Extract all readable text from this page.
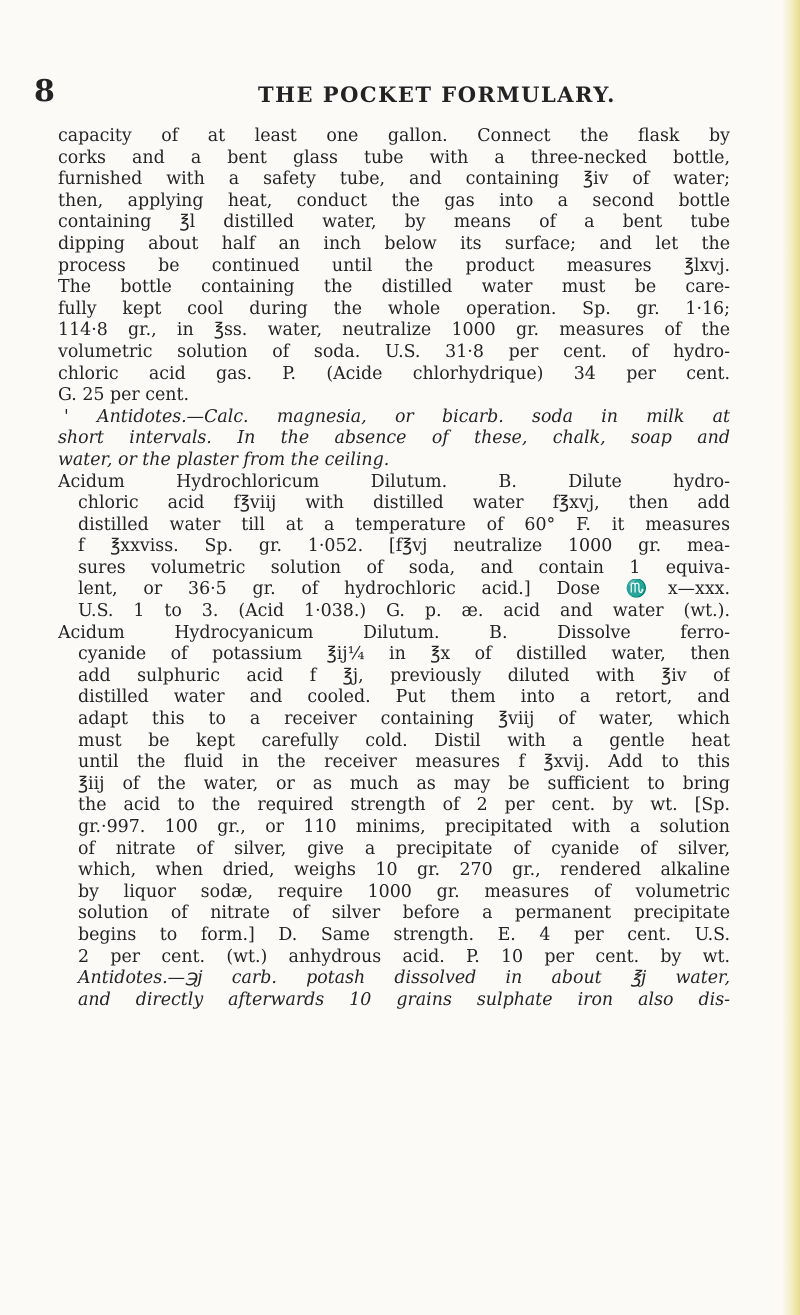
8	THE POCKET FORMULARY.
capacity of at least one gallon. Connect the flask by
corks and a bent glass tube with a three-necked bottle,
furnished with a safety tube, and containing ℥iv of water;
then, applying heat, conduct the gas into a second bottle
containing ℥l distilled water, by means of a bent tube
dipping about half an inch below its surface; and let the
process be continued until the product measures ℥lxvj.
The bottle containing the distilled water must be care-
fully kept cool during the whole operation. Sp. gr. 1·16;
114·8 gr., in ℥ss. water, neutralize 1000 gr. measures of the
volumetric solution of soda. U.S. 31·8 per cent. of hydro-
chloric acid gas. P. (Acide chlorhydrique) 34 per cent.
G. 25 per cent.
' Antidotes.—Calc. magnesia, or bicarb. soda in milk at
short intervals. In the absence of these, chalk, soap and
water, or the plaster from the ceiling.
Acidum Hydrochloricum Dilutum. B. Dilute hydro-
chloric acid f℥viij with distilled water f℥xvj, then add
distilled water till at a temperature of 60° F. it measures
f ℥xxviss. Sp. gr. 1·052. [f℥vj neutralize 1000 gr. mea-
sures volumetric solution of soda, and contain 1 equiva-
lent, or 36·5 gr. of hydrochloric acid.] Dose ♏x—xxx.
U.S. 1 to 3. (Acid 1·038.) G. p. æ. acid and water (wt.).
Acidum Hydrocyanicum Dilutum. B. Dissolve ferro-
cyanide of potassium ℥ij¼ in ℥x of distilled water, then
add sulphuric acid f ℥j, previously diluted with ℥iv of
distilled water and cooled. Put them into a retort, and
adapt this to a receiver containing ℥viij of water, which
must be kept carefully cold. Distil with a gentle heat
until the fluid in the receiver measures f ℥xvij. Add to this
℥iij of the water, or as much as may be sufficient to bring
the acid to the required strength of 2 per cent. by wt. [Sp.
gr.·997. 100 gr., or 110 minims, precipitated with a solution
of nitrate of silver, give a precipitate of cyanide of silver,
which, when dried, weighs 10 gr. 270 gr., rendered alkaline
by liquor sodæ, require 1000 gr. measures of volumetric
solution of nitrate of silver before a permanent precipitate
begins to form.] D. Same strength. E. 4 per cent. U.S.
2 per cent. (wt.) anhydrous acid. P. 10 per cent. by wt.
Antidotes.—℈j carb. potash dissolved in about ℥j water,
and directly afterwards 10 grains sulphate iron also dis-
